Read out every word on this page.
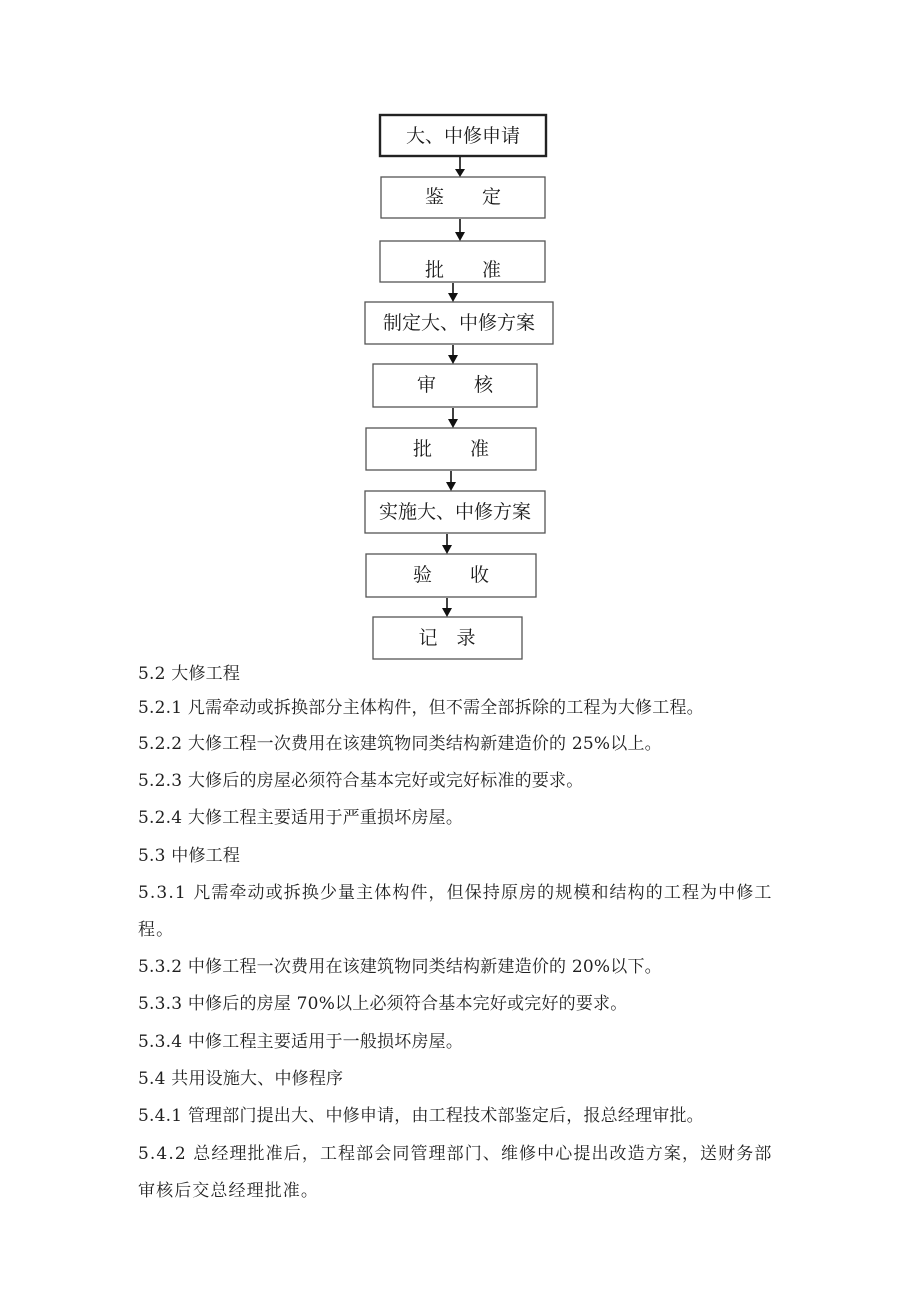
大、中修申请
鉴　　定
批　　准
制定大、中修方案
审　　核
批　　准
实施大、中修方案
验　　收
记　录
5.2 大修工程
5.2.1 凡需牵动或拆换部分主体构件，但不需全部拆除的工程为大修工程。
5.2.2 大修工程一次费用在该建筑物同类结构新建造价的 25%以上。
5.2.3 大修后的房屋必须符合基本完好或完好标准的要求。
5.2.4 大修工程主要适用于严重损坏房屋。
5.3 中修工程
5.3.1 凡需牵动或拆换少量主体构件，但保持原房的规模和结构的工程为中修工程。
5.3.2 中修工程一次费用在该建筑物同类结构新建造价的 20%以下。
5.3.3 中修后的房屋 70%以上必须符合基本完好或完好的要求。
5.3.4 中修工程主要适用于一般损坏房屋。
5.4 共用设施大、中修程序
5.4.1 管理部门提出大、中修申请，由工程技术部鉴定后，报总经理审批。
5.4.2 总经理批准后，工程部会同管理部门、维修中心提出改造方案，送财务部审核后交总经理批准。
